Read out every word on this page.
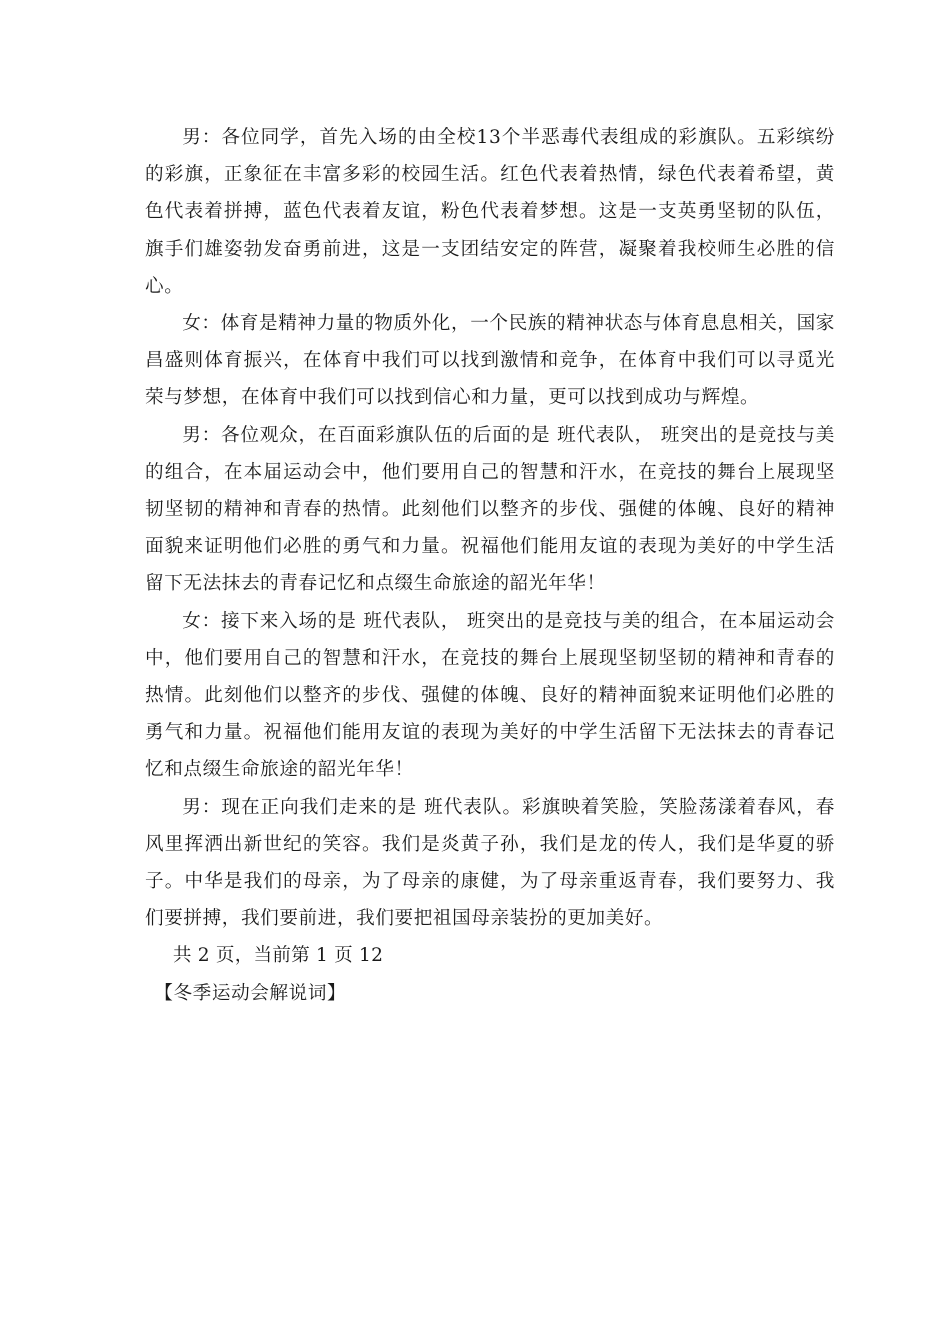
男：各位同学，首先入场的由全校13个半恶毒代表组成的彩旗队。五彩缤纷的彩旗，正象征在丰富多彩的校园生活。红色代表着热情，绿色代表着希望，黄色代表着拼搏，蓝色代表着友谊，粉色代表着梦想。这是一支英勇坚韧的队伍，旗手们雄姿勃发奋勇前进，这是一支团结安定的阵营，凝聚着我校师生必胜的信心。

女：体育是精神力量的物质外化，一个民族的精神状态与体育息息相关，国家昌盛则体育振兴，在体育中我们可以找到激情和竞争，在体育中我们可以寻觅光荣与梦想，在体育中我们可以找到信心和力量，更可以找到成功与辉煌。

男：各位观众，在百面彩旗队伍的后面的是 班代表队， 班突出的是竞技与美的组合，在本届运动会中，他们要用自己的智慧和汗水，在竞技的舞台上展现坚韧坚韧的精神和青春的热情。此刻他们以整齐的步伐、强健的体魄、良好的精神面貌来证明他们必胜的勇气和力量。祝福他们能用友谊的表现为美好的中学生活留下无法抹去的青春记忆和点缀生命旅途的韶光年华！

女：接下来入场的是 班代表队， 班突出的是竞技与美的组合，在本届运动会中，他们要用自己的智慧和汗水，在竞技的舞台上展现坚韧坚韧的精神和青春的热情。此刻他们以整齐的步伐、强健的体魄、良好的精神面貌来证明他们必胜的勇气和力量。祝福他们能用友谊的表现为美好的中学生活留下无法抹去的青春记忆和点缀生命旅途的韶光年华！

男：现在正向我们走来的是 班代表队。彩旗映着笑脸，笑脸荡漾着春风，春风里挥洒出新世纪的笑容。我们是炎黄子孙，我们是龙的传人，我们是华夏的骄子。中华是我们的母亲，为了母亲的康健，为了母亲重返青春，我们要努力、我们要拼搏，我们要前进，我们要把祖国母亲装扮的更加美好。

共 2 页，当前第 1 页 12

【冬季运动会解说词】
